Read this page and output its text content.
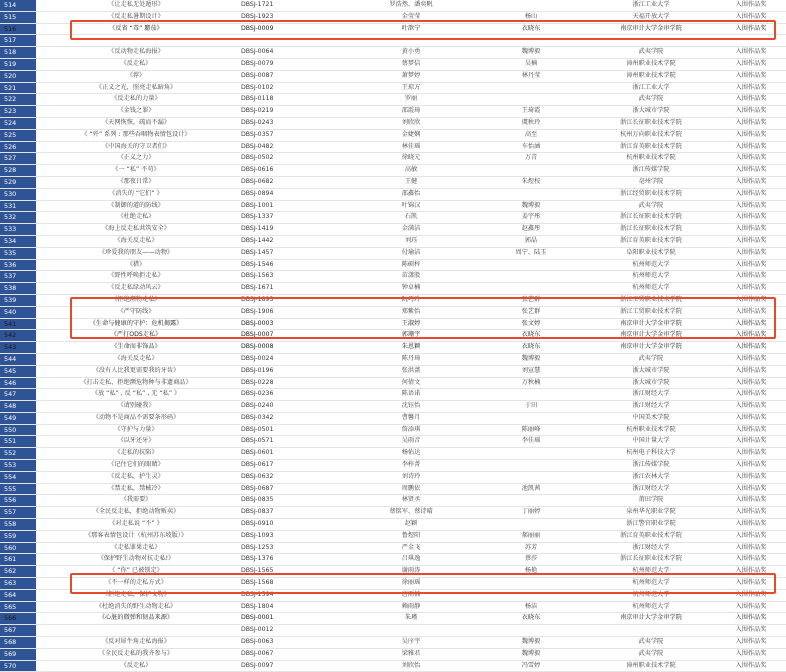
514	《让走私无处遁形》	DBSJ-1721	罗浩然、潘奕帆		浙江工业大学	入围作品奖
515	《反走私暑期设计》	DBSJ-1923	金莹莹	杨山	天福开放大学	入围作品奖
516	《反省 “毒” 麝茄》	DBSJ-0009	叶歆宁	衣晓东	南京审计大学金审学院	入围作品奖
517						
518	《反动物走私海报》	DBSJ-0064	黄小勇	魏博毅	武夷学院	入围作品奖
519	《反走私》	DBSJ-0079	蔡梦佶	吴楠	漳州职业技术学院	入围作品奖
520	《荐》	DBSJ-0087	萧梦婷	林丹莹	漳州职业技术学院	入围作品奖
521	《正义之光，照亮走私暗角》	DBSJ-0102	王琼方		浙江工业大学	入围作品奖
522	《反走私的力量》	DBSJ-0118	罗丽		武夷学院	入围作品奖
523	《金钱之罪》	DBSJ-0219	邵霞琦	王琦霞	浙大城市学院	入围作品奖
524	《天网恢恢，疏而不漏》	DBSJ-0243	刘欣欣	虞秋玲	浙江长征职业技术学院	入围作品奖
525	《 “歼” 系列 : 那些吞咽物表情包设计》	DBSJ-0357	金婕娴	高至	杭州万向职业技术学院	入围作品奖
526	《中国海关的守卫者们》	DBSJ-0482	林佳瑶	车怡涵	浙江育英职业技术学院	入围作品奖
527	《正义之力》	DBSJ-0502	徐晓元	万青	杭州职业技术学院	入围作品奖
528	《一 “私” 不苟》	DBSJ-0616	高敏		浙江传媒学院	入围作品奖
529	《那夜日常》	DBSJ-0682	王健	朱煜校	亳州学院	入围作品奖
530	《消失的 “它们” 》	DBSJ-0894	邵鑫怡		浙江经贸职业技术学院	入围作品奖
531	《制御的道的防线》	DBSJ-1001	叶锦汉	魏博毅	武夷学院	入围作品奖
532	《杜绝走私》	DBSJ-1337	石凯	姜宇彤	浙江长征职业技术学院	入围作品奖
533	《海上反走私共筑安全》	DBSJ-1419	金满洁	赵鑫彤	浙江长征职业技术学院	入围作品奖
534	《海关反走私》	DBSJ-1442	刘珏	郭晶	浙江育英职业技术学院	入围作品奖
535	《珍爱我的朋友——动物》	DBSJ-1457	付瑜洁	周宁、陆玉	阜阳职业技术学院	入围作品奖
536	《猎》	DBSJ-1546	陈硕梓		杭州师范大学	入围作品奖
537	《野性呼唤拒走私》	DBSJ-1563	苗潇股		杭州师范大学	入围作品奖
538	《反走私绿动风云》	DBSJ-1671	钟卓楠		杭州师范大学	入围作品奖
539	《拒绝濒物走私》	DBSJ-1893	阮巧玲	张艺群	浙江工贸职业技术学院	入围作品奖
540	《严守防线》	DBSJ-1906	郑紫怡	张艺群	浙江工贸职业技术学院	入围作品奖
541	《生命与健康的守护：危机揭露》	DBSJ-0003	王淑婷	张文婷	南京审计大学金审学院	入围作品奖
542	《严打ODS走私》	DBSJ-0007	郭珊宇	衣晓东	南京审计大学金审学院	入围作品奖
543	《生命而非饰品》	DBSJ-0008	朱恩颖	衣晓东	南京审计大学金审学院	入围作品奖
544	《海关反走私》	DBSJ-0024	陈丹琦	魏博毅	武夷学院	入围作品奖
545	《没有人比我更需要我的牙齿》	DBSJ-0196	张洪蔷	刘宣慧	浙大城市学院	入围作品奖
546	《打击走私，拒绝濒危物种与非遗商品》	DBSJ-0228	何倩文	万秋楠	浙大城市学院	入围作品奖
547	《放 “私” , 反 “私” , 无 “私” 》	DBSJ-0236	陈语诺		浙江财经大学	入围作品奖
548	《请别碰我》	DBSJ-0240	沈钰怡	于田	浙江财经大学	入围作品奖
549	《动物不是商品不需要条形码》	DBSJ-0342	曹馨月		中国美术学院	入围作品奖
550	《守护与力量》	DBSJ-0501	詹添琪	陈丽峰	杭州职业技术学院	入围作品奖
551	《以牙还牙》	DBSJ-0571	吴雨音	李佳瑶	中国计量大学	入围作品奖
552	《走私的抗陷》	DBSJ-0601	杨佑达		杭州电子科技大学	入围作品奖
553	《记住它们的眼睛》	DBSJ-0617	李梓菁		浙江传媒学院	入围作品奖
554	《反走私，护生灵》	DBSJ-0632	刘诗玲		浙江农林大学	入围作品奖
555	《禁走私，禁械冷》	DBSJ-0687	周鹏依	池凯茜	浙江财经大学	入围作品奖
556	《我需要》	DBSJ-0835	林贤丞		莆田学院	入围作品奖
557	《全民反走私，拒绝动物贩卖》	DBSJ-0837	蔡铭军、蔡诗晴	丁丽婷	泉州华光职业学院	入围作品奖
558	《对走私说 “不” 》	DBSJ-0910	赵颖		浙江警官职业学院	入围作品奖
559	《那客表情包设计（杭州苏东坡版）》	DBSJ-1093	鲁煜阳	郝丽丽	浙江育英职业技术学院	入围作品奖
560	《走私罪果走私》	DBSJ-1253	严金飞	苏芳	浙江财经大学	入围作品奖
561	《保护野生动物对抗走私!》	DBSJ-1376	吕琪逸	蔡莎	浙江长征职业技术学院	入围作品奖
562	《 “你” 已被锁定》	DBSJ-1565	谢雨涛	杨艳	杭州师范大学	入围作品奖
563	《不一样的走私方式》	DBSJ-1568	徐丽瑶		杭州师范大学	入围作品奖
564	《拒绝走私，保护文物》	DBSJ-1594	唐雨楠		杭州师范大学	入围作品奖
565	《杜绝消失的野生动物走私》	DBSJ-1804	赖雨静	杨洁	杭州师范大学	入围作品奖
566	《心脏的微弹和韧品来源》	DBSJ-0001	朱瑾	衣晓东	南京审计大学金审学院	入围作品奖
567		DBSJ-0012				入围作品奖
568	《反对犀牛角走私海报》	DBSJ-0063	吴序宇	魏博毅	武夷学院	入围作品奖
569	《全民反走私的我齐参与》	DBSJ-0067	梁雅君	魏博毅	武夷学院	入围作品奖
570	《反走私》	DBSJ-0097	刘欣怡	冯雪婷	漳州职业技术学院	入围作品奖
